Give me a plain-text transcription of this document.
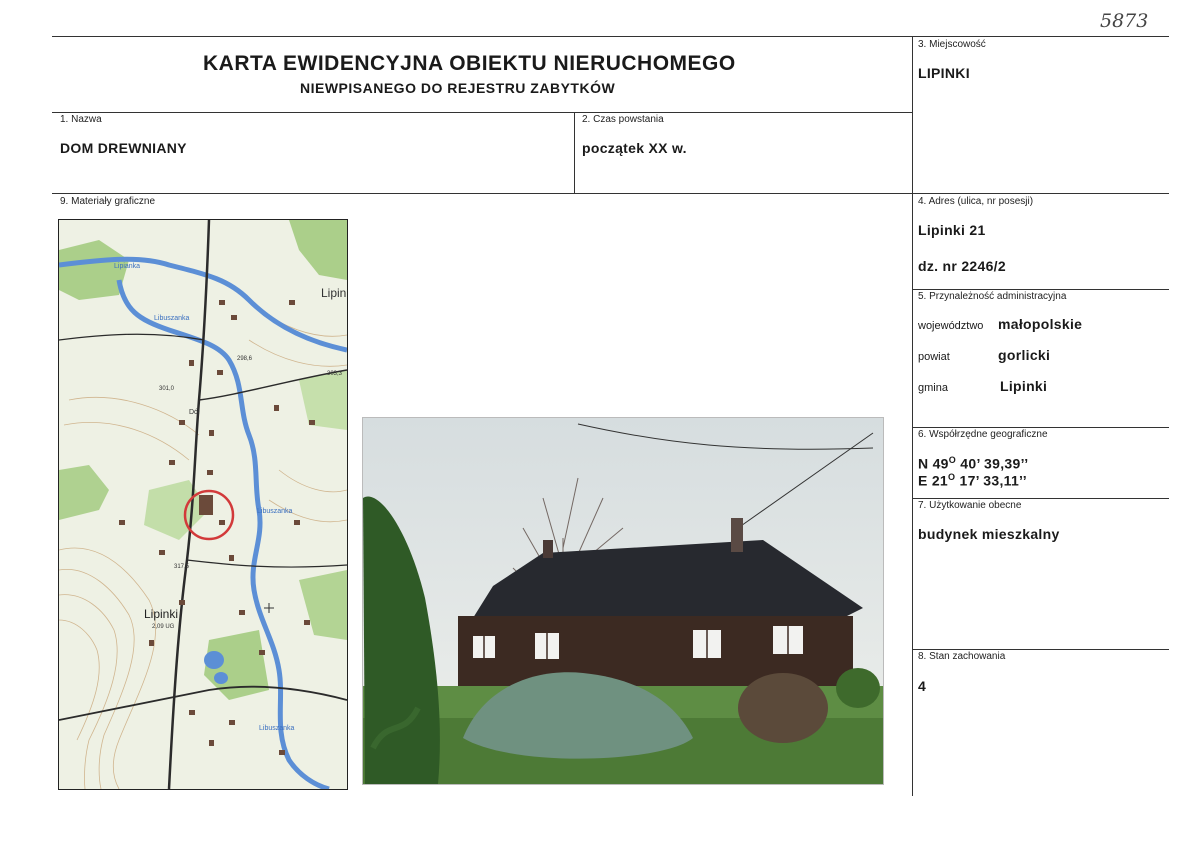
5873
KARTA EWIDENCYJNA OBIEKTU NIERUCHOMEGO
NIEWPISANEGO DO REJESTRU ZABYTKÓW
3. Miejscowość
LIPINKI
1. Nazwa
DOM DREWNIANY
2. Czas powstania
początek XX w.
9. Materiały graficzne	4. Adres (ulica, nr posesji)
Lipinki 21
dz. nr 2246/2
5. Przynależność administracyjna
województwo małopolskie
powiat	gorlicki
gmina	Lipinki
6. Współrzędne geograficzne
N $49^O$ 40’ 39,39’’
E $21^O$ 17’ 33,11’’
7. Użytkowanie obecne
budynek mieszkalny
8. Stan zachowania
4
Lipin
Lipinki
2,09 UG
Dół
Lipianka
Libuszanka
Libuszanka
Libuszanka
301,0
298,6
303,3
317,5
